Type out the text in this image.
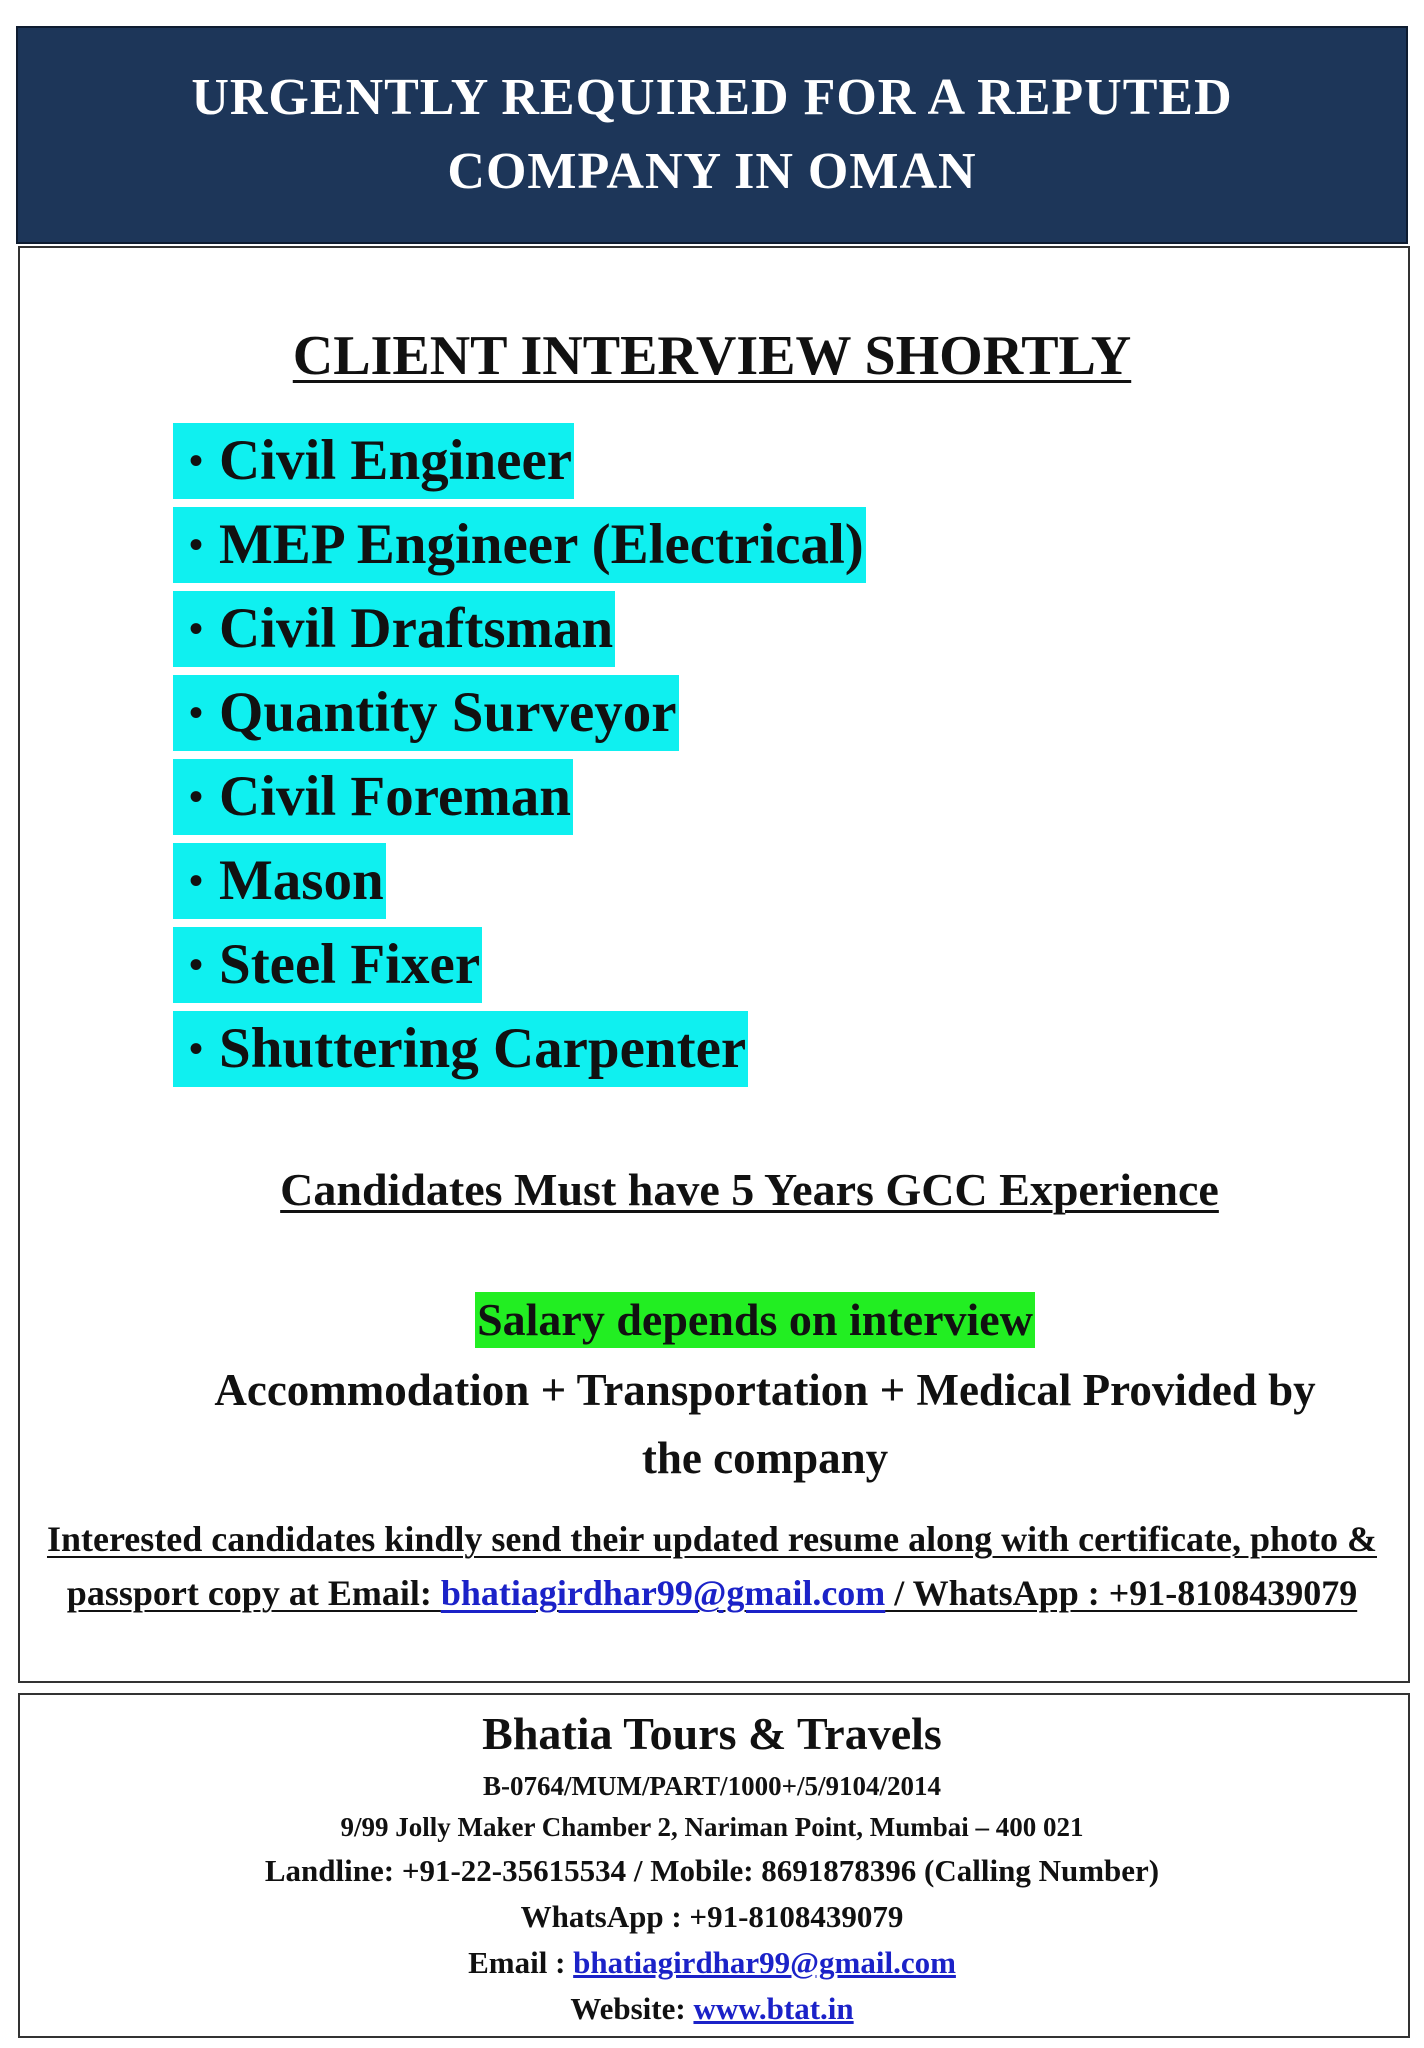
URGENTLY REQUIRED FOR A REPUTED
COMPANY IN OMAN
CLIENT INTERVIEW SHORTLY
• Civil Engineer
• MEP Engineer (Electrical)
• Civil Draftsman
• Quantity Surveyor
• Civil Foreman
• Mason
• Steel Fixer
• Shuttering Carpenter
Candidates Must have 5 Years GCC Experience
Salary depends on interview
Accommodation + Transportation + Medical Provided by
the company
Interested candidates kindly send their updated resume along with certificate, photo & passport copy at Email: bhatiagirdhar99@gmail.com / WhatsApp : +91-8108439079
Bhatia Tours & Travels
B-0764/MUM/PART/1000+/5/9104/2014
9/99 Jolly Maker Chamber 2, Nariman Point, Mumbai – 400 021
Landline: +91-22-35615534 / Mobile: 8691878396 (Calling Number)
WhatsApp : +91-8108439079
Email : bhatiagirdhar99@gmail.com
Website: www.btat.in
